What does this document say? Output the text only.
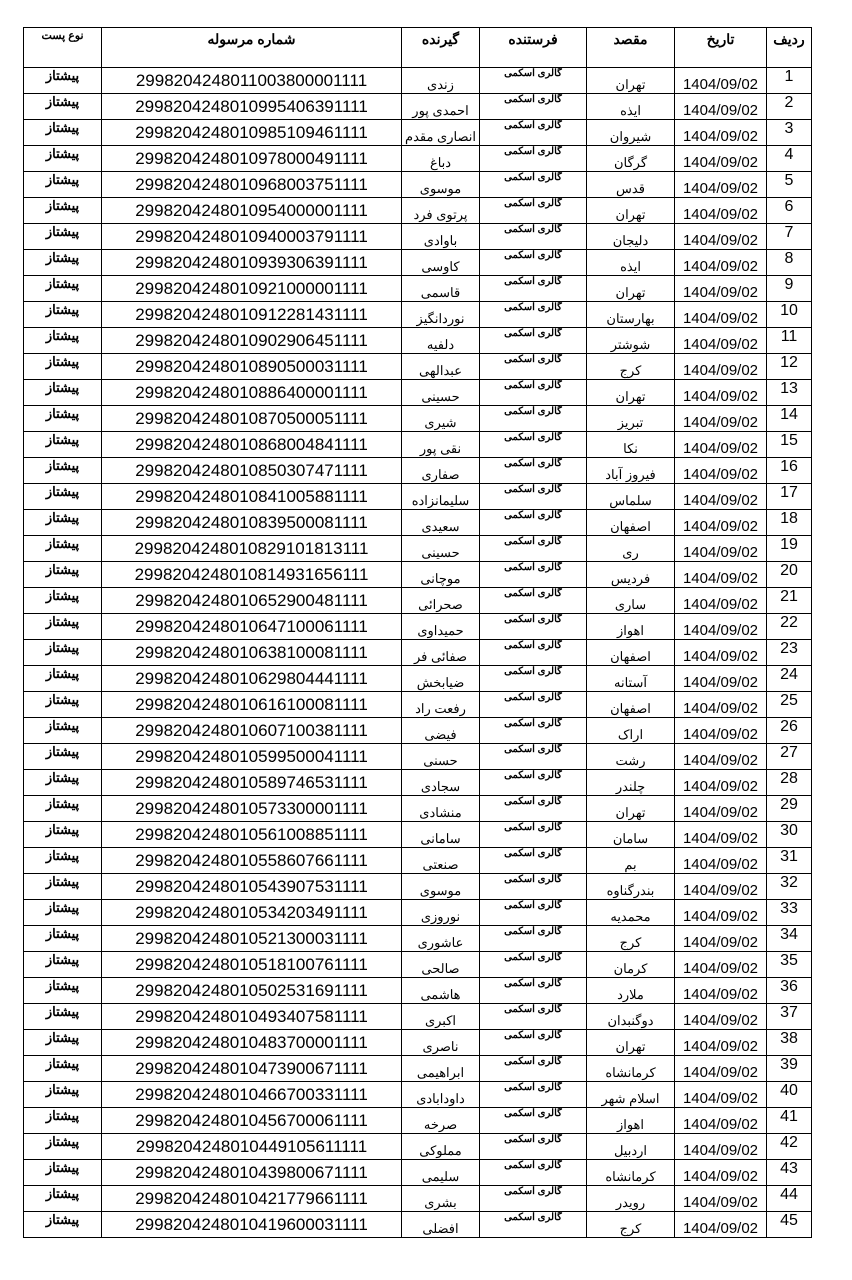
ردیف	تاریخ	مقصد	فرستنده	گیرنده	شماره مرسوله	نوع پست
1	1404/09/02	تهران	گالری اسکمی	زندی	2998204248011003800001111	پیشتاز
2	1404/09/02	ایذه	گالری اسکمی	احمدی پور	2998204248010995406391111	پیشتاز
3	1404/09/02	شیروان	گالری اسکمی	انصاری مقدم	2998204248010985109461111	پیشتاز
4	1404/09/02	گرگان	گالری اسکمی	دباغ	2998204248010978000491111	پیشتاز
5	1404/09/02	قدس	گالری اسکمی	موسوی	2998204248010968003751111	پیشتاز
6	1404/09/02	تهران	گالری اسکمی	پرتوی فرد	2998204248010954000001111	پیشتاز
7	1404/09/02	دلیجان	گالری اسکمی	باوادی	2998204248010940003791111	پیشتاز
8	1404/09/02	ایذه	گالری اسکمی	کاوسی	2998204248010939306391111	پیشتاز
9	1404/09/02	تهران	گالری اسکمی	قاسمی	2998204248010921000001111	پیشتاز
10	1404/09/02	بهارستان	گالری اسکمی	نوردانگیز	2998204248010912281431111	پیشتاز
11	1404/09/02	شوشتر	گالری اسکمی	دلفیه	2998204248010902906451111	پیشتاز
12	1404/09/02	کرج	گالری اسکمی	عبدالهی	2998204248010890500031111	پیشتاز
13	1404/09/02	تهران	گالری اسکمی	حسینی	2998204248010886400001111	پیشتاز
14	1404/09/02	تبریز	گالری اسکمی	شیری	2998204248010870500051111	پیشتاز
15	1404/09/02	نکا	گالری اسکمی	نقی پور	2998204248010868004841111	پیشتاز
16	1404/09/02	فیروز آباد	گالری اسکمی	صفاری	2998204248010850307471111	پیشتاز
17	1404/09/02	سلماس	گالری اسکمی	سلیمانزاده	2998204248010841005881111	پیشتاز
18	1404/09/02	اصفهان	گالری اسکمی	سعیدی	2998204248010839500081111	پیشتاز
19	1404/09/02	ری	گالری اسکمی	حسینی	2998204248010829101813111	پیشتاز
20	1404/09/02	فردیس	گالری اسکمی	موچانی	2998204248010814931656111	پیشتاز
21	1404/09/02	ساری	گالری اسکمی	صحرائی	2998204248010652900481111	پیشتاز
22	1404/09/02	اهواز	گالری اسکمی	حمیداوی	2998204248010647100061111	پیشتاز
23	1404/09/02	اصفهان	گالری اسکمی	صفائی فر	2998204248010638100081111	پیشتاز
24	1404/09/02	آستانه	گالری اسکمی	ضیابخش	2998204248010629804441111	پیشتاز
25	1404/09/02	اصفهان	گالری اسکمی	رفعت راد	2998204248010616100081111	پیشتاز
26	1404/09/02	اراک	گالری اسکمی	فیضی	2998204248010607100381111	پیشتاز
27	1404/09/02	رشت	گالری اسکمی	حسنی	2998204248010599500041111	پیشتاز
28	1404/09/02	چلندر	گالری اسکمی	سجادی	2998204248010589746531111	پیشتاز
29	1404/09/02	تهران	گالری اسکمی	منشادی	2998204248010573300001111	پیشتاز
30	1404/09/02	سامان	گالری اسکمی	سامانی	2998204248010561008851111	پیشتاز
31	1404/09/02	بم	گالری اسکمی	صنعتی	2998204248010558607661111	پیشتاز
32	1404/09/02	بندرگناوه	گالری اسکمی	موسوی	2998204248010543907531111	پیشتاز
33	1404/09/02	محمدیه	گالری اسکمی	نوروزی	2998204248010534203491111	پیشتاز
34	1404/09/02	کرج	گالری اسکمی	عاشوری	2998204248010521300031111	پیشتاز
35	1404/09/02	کرمان	گالری اسکمی	صالحی	2998204248010518100761111	پیشتاز
36	1404/09/02	ملارد	گالری اسکمی	هاشمی	2998204248010502531691111	پیشتاز
37	1404/09/02	دوگنبدان	گالری اسکمی	اکبری	2998204248010493407581111	پیشتاز
38	1404/09/02	تهران	گالری اسکمی	ناصری	2998204248010483700001111	پیشتاز
39	1404/09/02	کرمانشاه	گالری اسکمی	ابراهیمی	2998204248010473900671111	پیشتاز
40	1404/09/02	اسلام شهر	گالری اسکمی	داودابادی	2998204248010466700331111	پیشتاز
41	1404/09/02	اهواز	گالری اسکمی	صرخه	2998204248010456700061111	پیشتاز
42	1404/09/02	اردبیل	گالری اسکمی	مملوکی	2998204248010449105611111	پیشتاز
43	1404/09/02	کرمانشاه	گالری اسکمی	سلیمی	2998204248010439800671111	پیشتاز
44	1404/09/02	رویدر	گالری اسکمی	بشری	2998204248010421779661111	پیشتاز
45	1404/09/02	کرج	گالری اسکمی	افضلی	2998204248010419600031111	پیشتاز
